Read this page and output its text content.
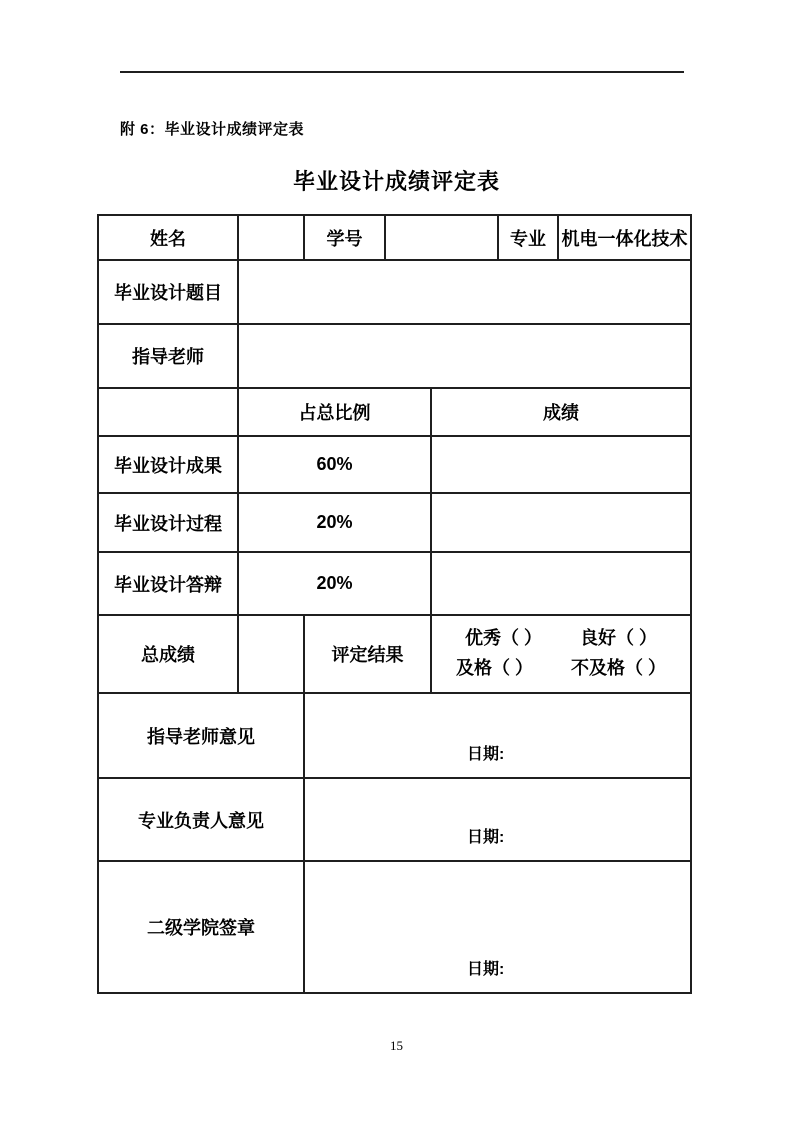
附 6：毕业设计成绩评定表
毕业设计成绩评定表
姓名		学号			专业	机电一体化技术
毕业设计题目						
指导老师						
	占总比例			成绩		
毕业设计成果	60%					
毕业设计过程	20%					
毕业设计答辩	20%					
总成绩		评定结果		优秀（ ） 良好（ ）
及格（ ） 不及格（ ）		

指导老师意见		日期:				

专业负责人意见		日期:				

二级学院签章		日期:				
15
